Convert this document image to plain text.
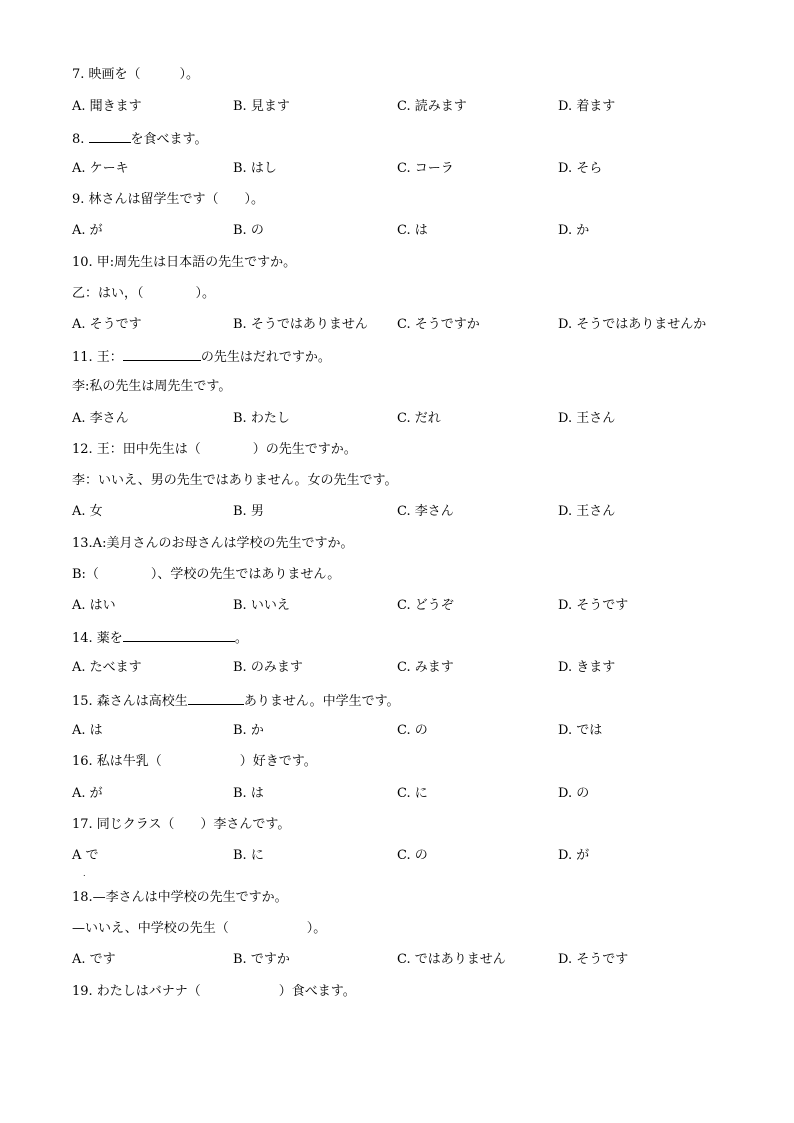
7. 映画を（　　　）。
A. 聞きます	B. 見ます	C. 読みます	D. 着ます
8.	を食べます。
A. ケーキ	B. はし	C. コーラ	D. そら
9. 林さんは留学生です（　　）。
A. が	B. の	C. は	D. か
10. 甲:周先生は日本語の先生ですか。
乙：はい，（　　　　）。
A. そうです	B. そうではありません C. そうですか	D. そうではありませんか
11. 王：	の先生はだれですか。
李:私の先生は周先生です。
A. 李さん	B. わたし	C. だれ	D. 王さん
12. 王：田中先生は（　　　　）の先生ですか。
李：いいえ、男の先生ではありません。女の先生です。
A. 女	B. 男	C. 李さん	D. 王さん
13.A:美月さんのお母さんは学校の先生ですか。
B:（　　　　）、学校の先生ではありません。
A. はい	B. いいえ	C. どうぞ	D. そうです
14. 薬を	。
A. たべます	B. のみます	C. みます	D. きます
15. 森さんは高校生	ありません。中学生です。
A. は	B. か	C. の	D. では
16. 私は牛乳（　　　　　　）好きです。
A. が	B. は	C. に	D. の
17. 同じクラス（　　）李さんです。
A で	B. に	C. の	D. が
.
18.—李さんは中学校の先生ですか。
—いいえ、中学校の先生（　　　　　　）。
A. です	B. ですか	C. ではありません	D. そうです
19. わたしはバナナ（　　　　　　）食べます。
